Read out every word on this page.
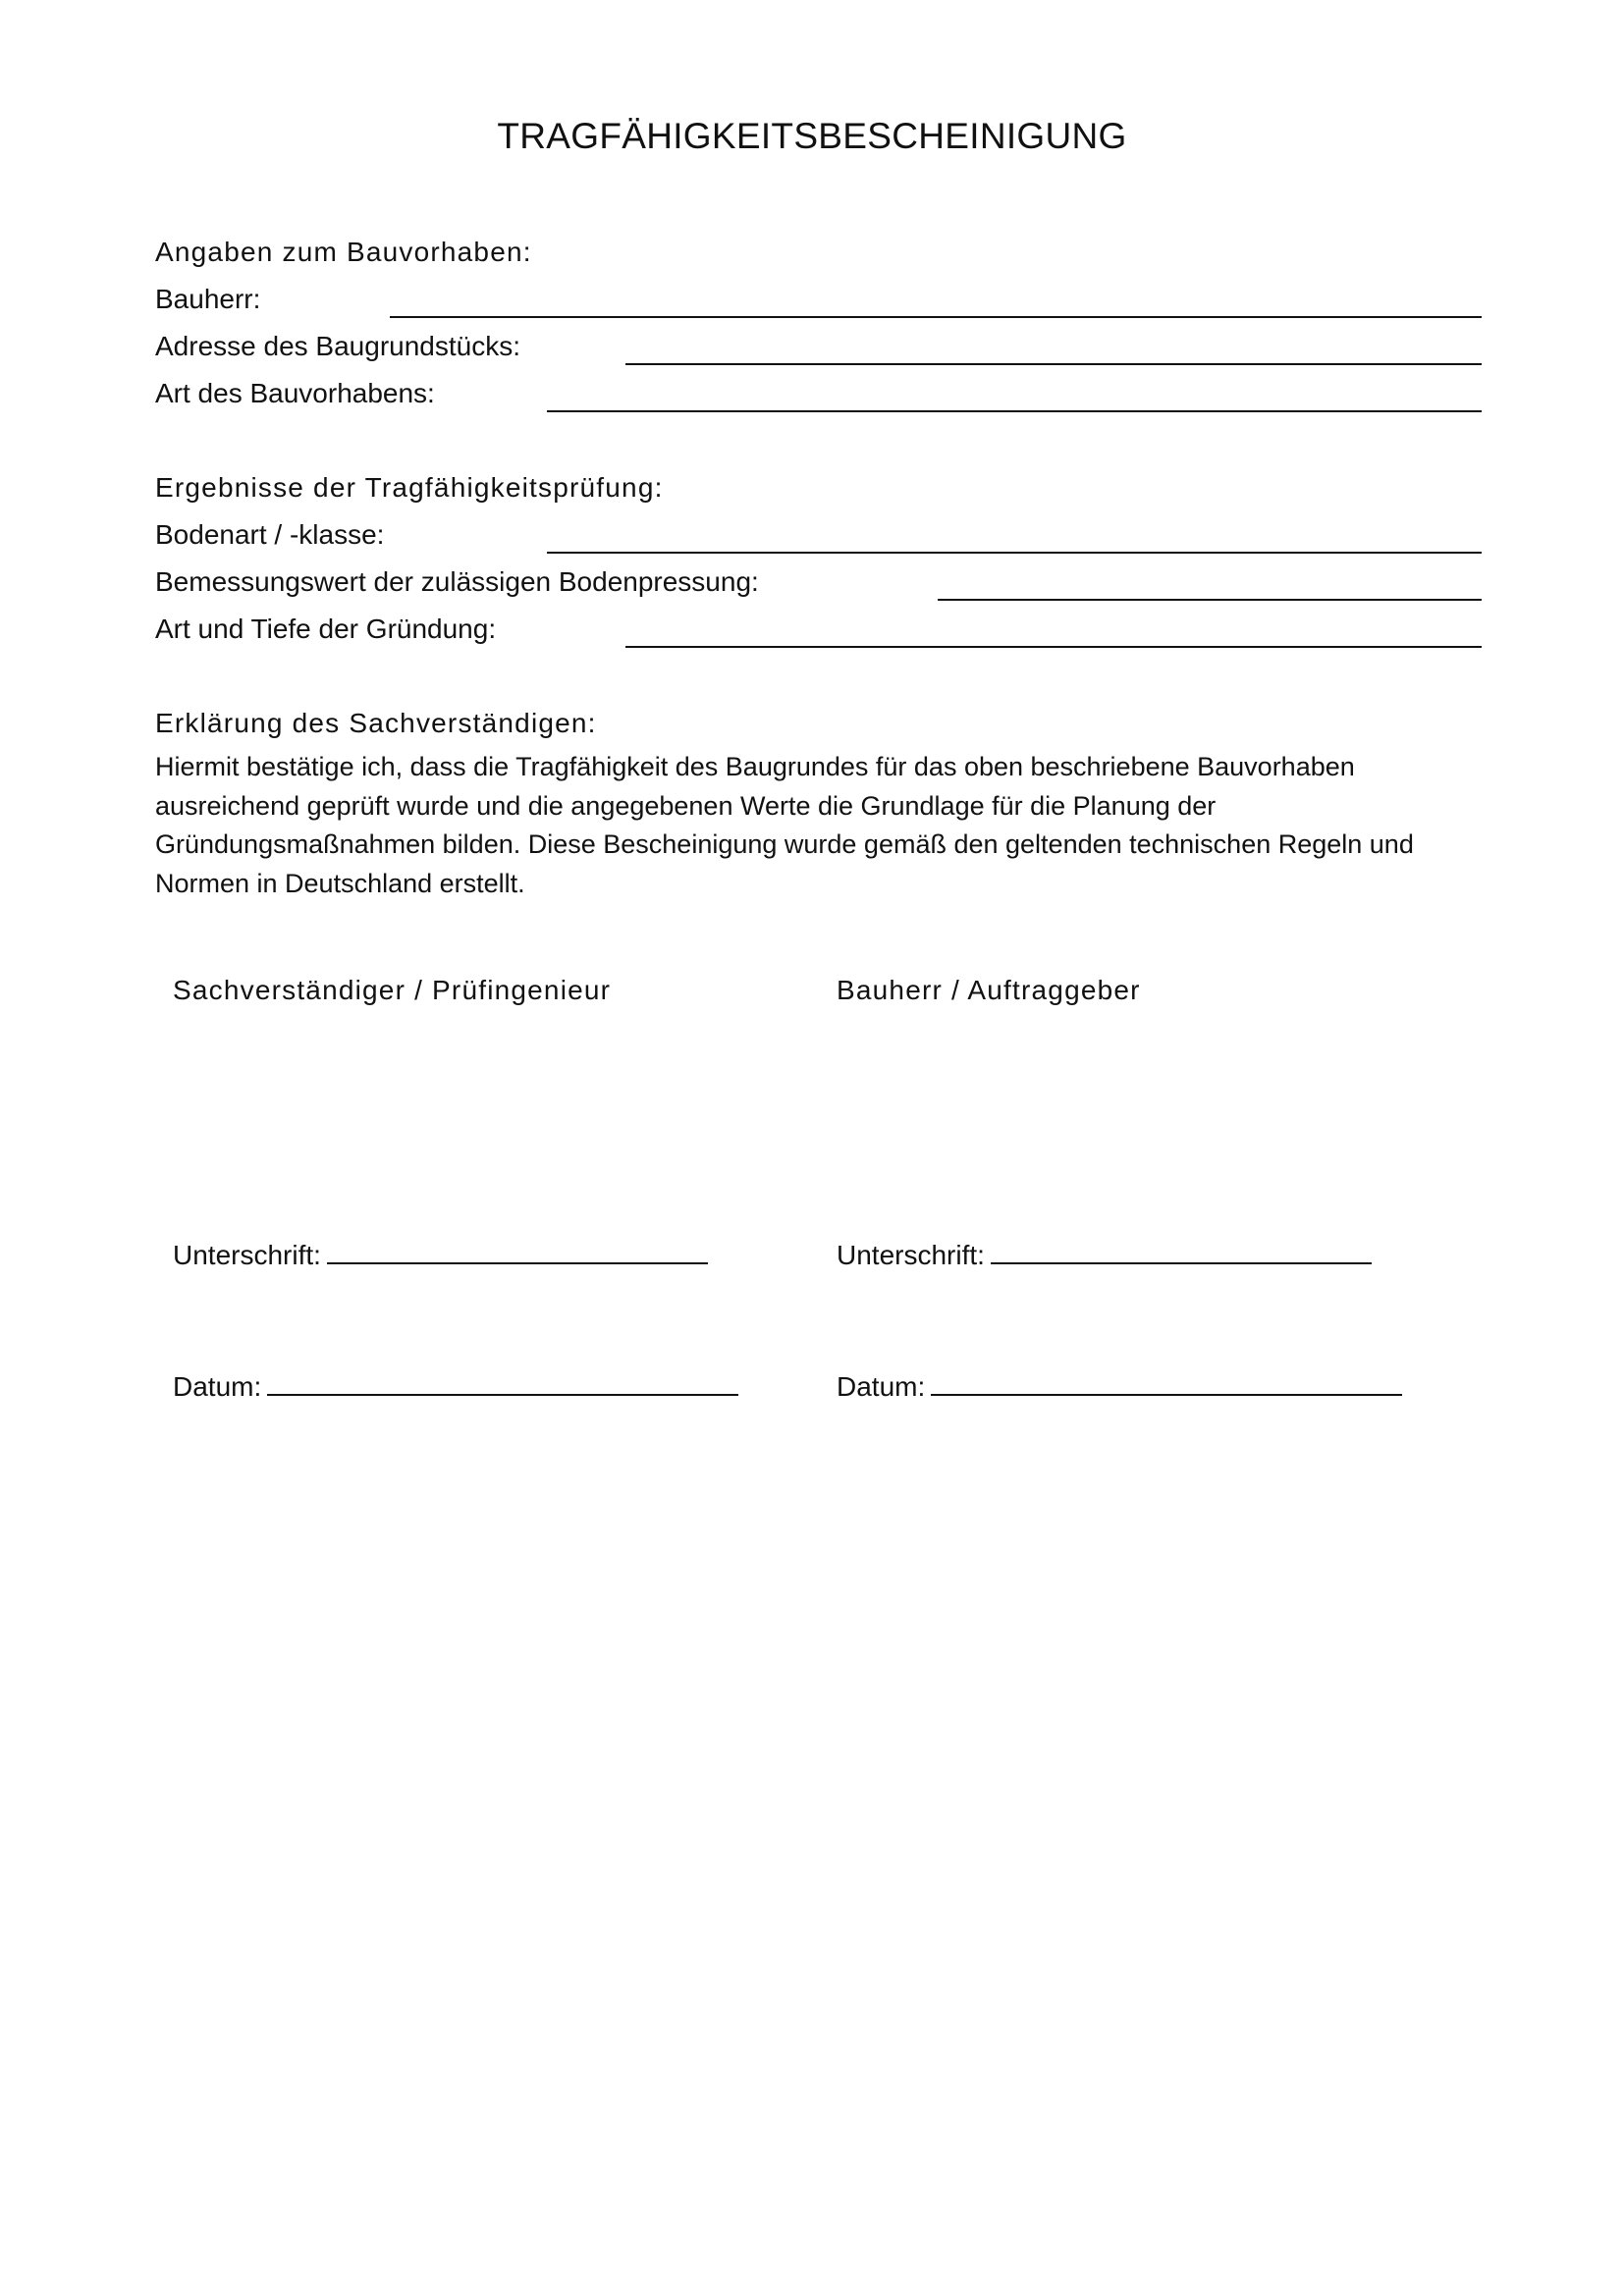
TRAGFÄHIGKEITSBESCHEINIGUNG
Angaben zum Bauvorhaben:
Bauherr:
Adresse des Baugrundstücks:
Art des Bauvorhabens:
Ergebnisse der Tragfähigkeitsprüfung:
Bodenart / -klasse:
Bemessungswert der zulässigen Bodenpressung:
Art und Tiefe der Gründung:
Erklärung des Sachverständigen:

Hiermit bestätige ich, dass die Tragfähigkeit des Baugrundes für das oben beschriebene Bauvorhaben ausreichend geprüft wurde und die angegebenen Werte die Grundlage für die Planung der Gründungsmaßnahmen bilden. Diese Bescheinigung wurde gemäß den geltenden technischen Regeln und Normen in Deutschland erstellt.

Sachverständiger / Prüfingenieur
Unterschrift:
Datum:
Bauherr / Auftraggeber
Unterschrift:
Datum:
